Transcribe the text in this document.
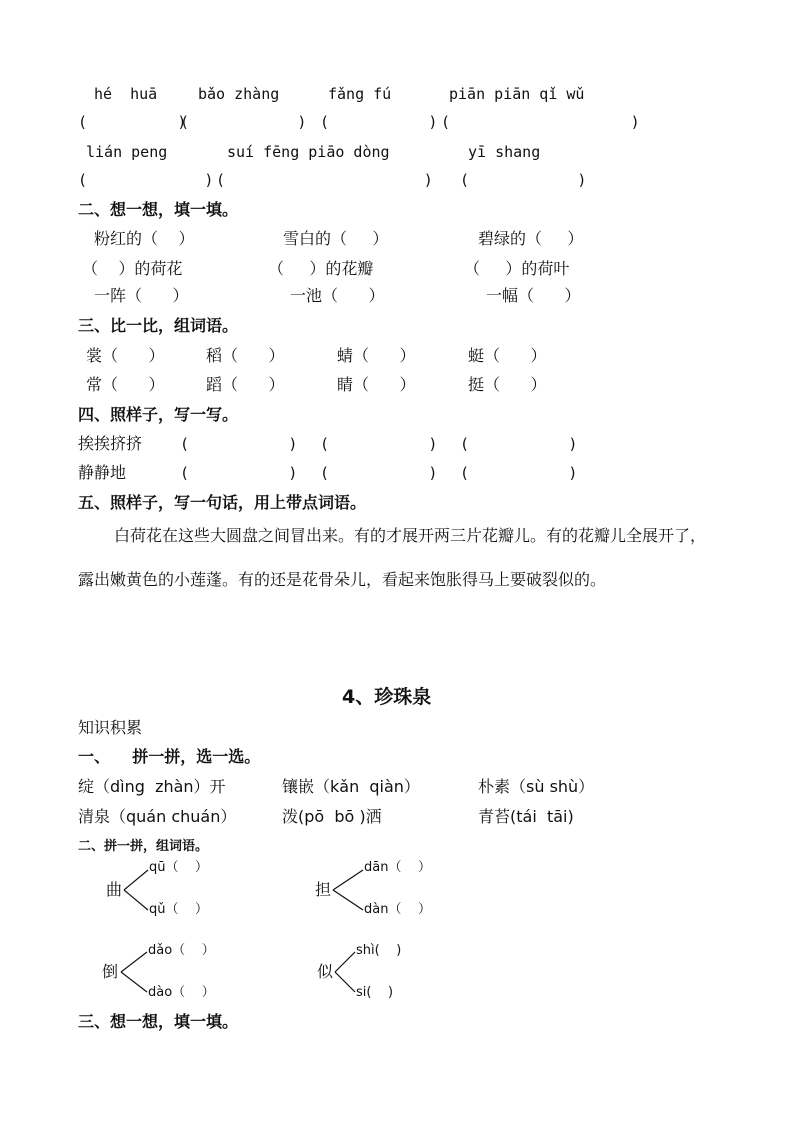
hé  huā	bǎo zhàng	fǎng fú	piān piān qǐ wǔ
(          )
(            ) (           ) (                    )
lián peng	suí fēng piāo dòng	yī shang
(             ) (                      ) (            )
二、想一想，填一填。
粉红的（    ）	雪白的（     ）	碧绿的（     ）
（    ）的荷花	（     ）的花瓣	（     ）的荷叶
一阵（      ）	一池（      ）	一幅（      ）
三、比一比，组词语。
裳（      ）	稻（      ）	蜻（      ）	蜓（      ）
常（      ）	蹈（      ）	睛（      ）	挺（      ）
四、照样子，写一写。
挨挨挤挤	(           ) (           ) (           )
静静地	(           ) (           ) (           )
五、照样子，写一句话，用上带点词语。
白荷花在这些大圆盘之间冒出来。有的才展开两三片花瓣儿。有的花瓣儿全展开了，露出嫩黄色的小莲蓬。有的还是花骨朵儿，看起来饱胀得马上要破裂似的。
4、珍珠泉
知识积累
一、    拼一拼，选一选。
绽（dìng  zhàn）开	镶嵌（kǎn  qiàn）	朴素（sù shù）
清泉（quán chuán）	泼(pō  bō )洒	青苔(tái  tāi)
二、拼一拼，组词语。
曲
qū（    ）
qǔ（    ）
担
dān（    ）
dàn（    ）
倒
dǎo（    ）
dào（    ）
似
shì(    )
si(    )
三、想一想，填一填。
